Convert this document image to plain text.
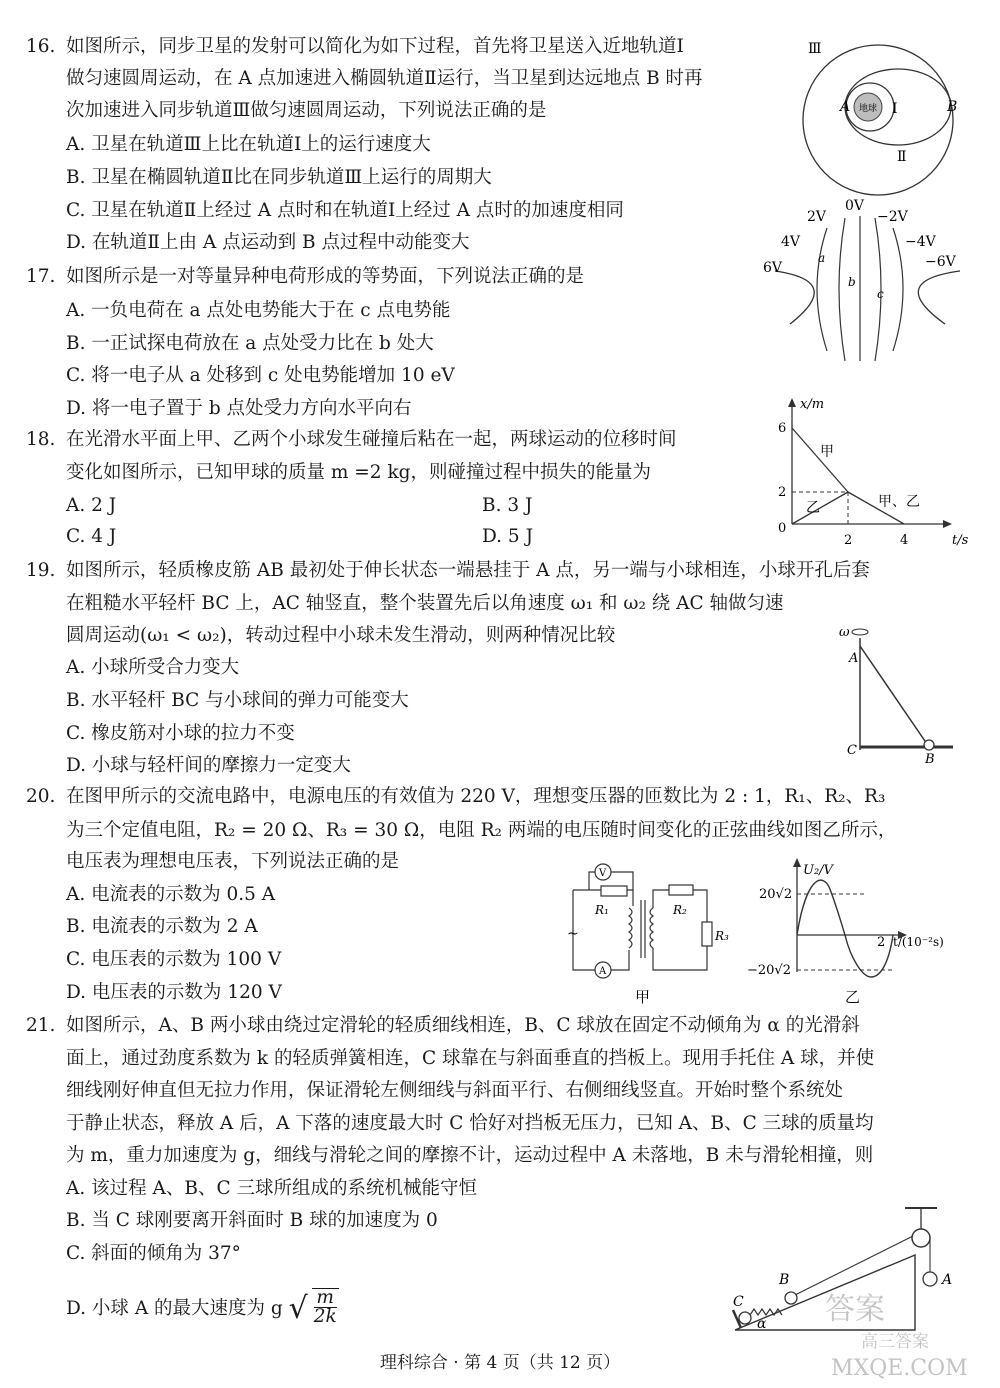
16. 如图所示，同步卫星的发射可以简化为如下过程，首先将卫星送入近地轨道Ⅰ
做匀速圆周运动，在 A 点加速进入椭圆轨道Ⅱ运行，当卫星到达远地点 B 时再
次加速进入同步轨道Ⅲ做匀速圆周运动，下列说法正确的是
A. 卫星在轨道Ⅲ上比在轨道Ⅰ上的运行速度大
B. 卫星在椭圆轨道Ⅱ比在同步轨道Ⅲ上运行的周期大
C. 卫星在轨道Ⅱ上经过 A 点时和在轨道Ⅰ上经过 A 点时的加速度相同
D. 在轨道Ⅱ上由 A 点运动到 B 点过程中动能变大
地球
Ⅲ
Ⅰ
Ⅱ
A	B
17. 如图所示是一对等量异种电荷形成的等势面，下列说法正确的是
A. 一负电荷在 a 点处电势能大于在 c 点电势能
B. 一正试探电荷放在 a 点处受力比在 b 处大
C. 将一电子从 a 处移到 c 处电势能增加 10 eV
D. 将一电子置于 b 点处受力方向水平向右
0V
2V	−2V
4V	−4V
6V	−6V
a
b
c
18. 在光滑水平面上甲、乙两个小球发生碰撞后粘在一起，两球运动的位移时间
变化如图所示，已知甲球的质量 m =2 kg，则碰撞过程中损失的能量为
A. 2 J	B. 3 J
C. 4 J	D. 5 J
x/m
t/s
6
2
0
2	4
甲
乙	甲、乙
19. 如图所示，轻质橡皮筋 AB 最初处于伸长状态一端悬挂于 A 点，另一端与小球相连，小球开孔后套
在粗糙水平轻杆 BC 上，AC 轴竖直，整个装置先后以角速度 ω₁ 和 ω₂ 绕 AC 轴做匀速
圆周运动(ω₁ < ω₂)，转动过程中小球未发生滑动，则两种情况比较
A. 小球所受合力变大
B. 水平轻杆 BC 与小球间的弹力可能变大
C. 橡皮筋对小球的拉力不变
D. 小球与轻杆间的摩擦力一定变大
ω
A
C
B
20. 在图甲所示的交流电路中，电源电压的有效值为 220 V，理想变压器的匝数比为 2 : 1，R₁、R₂、R₃
为三个定值电阻，R₂ = 20 Ω、R₃ = 30 Ω，电阻 R₂ 两端的电压随时间变化的正弦曲线如图乙所示，
电压表为理想电压表，下列说法正确的是
A. 电流表的示数为 0.5 A
B. 电流表的示数为 2 A
C. 电压表的示数为 100 V
D. 电压表的示数为 120 V
V
A
~
R₁	R₂
R₃
甲
U₂/V
20√2
−20√2
2 t/(10⁻²s)
乙
21. 如图所示，A、B 两小球由绕过定滑轮的轻质细线相连，B、C 球放在固定不动倾角为 α 的光滑斜
面上，通过劲度系数为 k 的轻质弹簧相连，C 球靠在与斜面垂直的挡板上。现用手托住 A 球，并使
细线刚好伸直但无拉力作用，保证滑轮左侧细线与斜面平行、右侧细线竖直。开始时整个系统处
于静止状态，释放 A 后，A 下落的速度最大时 C 恰好对挡板无压力，已知 A、B、C 三球的质量均
为 m，重力加速度为 g，细线与滑轮之间的摩擦不计，运动过程中 A 未落地，B 未与滑轮相撞，则
A. 该过程 A、B、C 三球所组成的系统机械能守恒
B. 当 C 球刚要离开斜面时 B 球的加速度为 0
C. 斜面的倾角为 37°
D. 小球 A 的最大速度为 g √ $\frac{m}{2k}$
A
B
C
α 答案
高三答案
MXQE.COM
理科综合 · 第 4 页（共 12 页）
